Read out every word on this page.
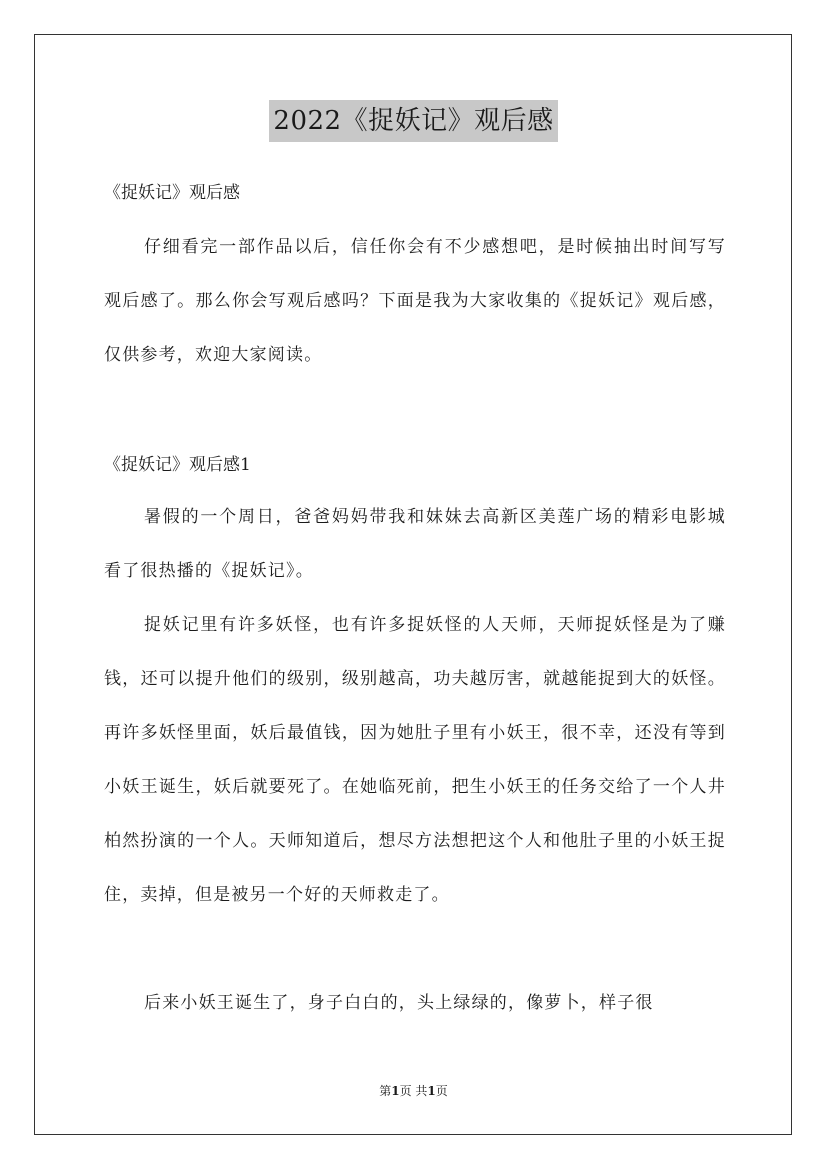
2022《捉妖记》观后感
《捉妖记》观后感

仔细看完一部作品以后，信任你会有不少感想吧，是时候抽出时间写写观后感了。那么你会写观后感吗？下面是我为大家收集的《捉妖记》观后感，仅供参考，欢迎大家阅读。

《捉妖记》观后感1

暑假的一个周日，爸爸妈妈带我和妹妹去高新区美莲广场的精彩电影城看了很热播的《捉妖记》。

捉妖记里有许多妖怪，也有许多捉妖怪的人天师，天师捉妖怪是为了赚钱，还可以提升他们的级别，级别越高，功夫越厉害，就越能捉到大的妖怪。再许多妖怪里面，妖后最值钱，因为她肚子里有小妖王，很不幸，还没有等到小妖王诞生，妖后就要死了。在她临死前，把生小妖王的任务交给了一个人井柏然扮演的一个人。天师知道后，想尽方法想把这个人和他肚子里的小妖王捉住，卖掉，但是被另一个好的天师救走了。

后来小妖王诞生了，身子白白的，头上绿绿的，像萝卜，样子很

第1页 共1页
